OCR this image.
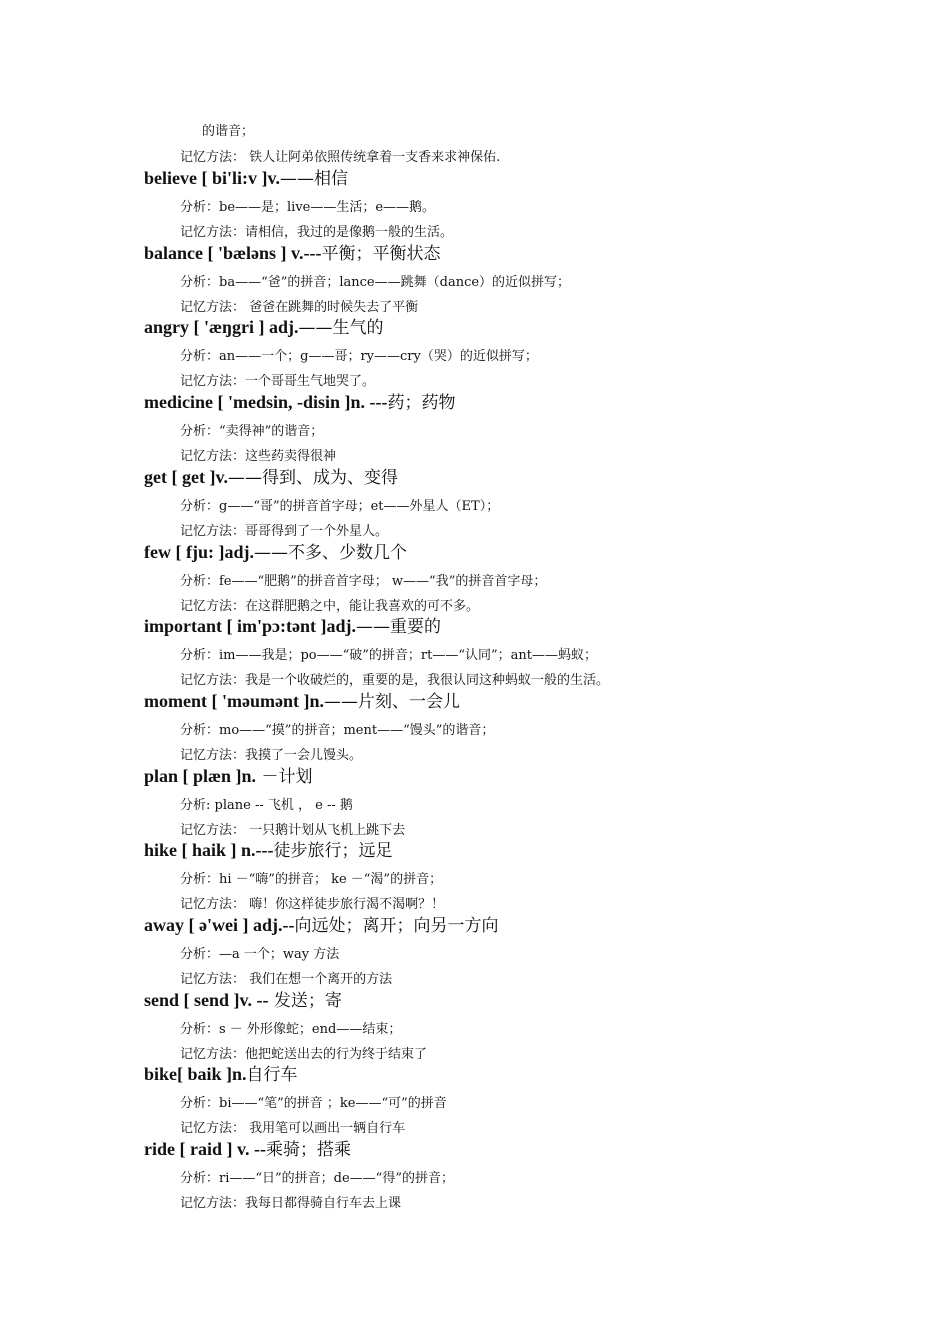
的谐音；
记忆方法： 铁人让阿弟依照传统拿着一支香来求神保佑.
believe [ bi'li:v ]v.——相信
分析：be——是；live——生活；e——鹅。
记忆方法：请相信，我过的是像鹅一般的生活。
balance [ 'bæləns ] v.---平衡；平衡状态
分析：ba——“爸”的拼音；lance——跳舞（dance）的近似拼写；
记忆方法： 爸爸在跳舞的时候失去了平衡
angry [ 'æŋgri ] adj.——生气的
分析：an——一个；g——哥；ry——cry（哭）的近似拼写；
记忆方法：一个哥哥生气地哭了。
medicine [ 'medsin, -disin ]n. ---药；药物
分析：“卖得神”的谐音；
记忆方法：这些药卖得很神
get [ get ]v.——得到、成为、变得
分析：g——“哥”的拼音首字母；et——外星人（ET）；
记忆方法：哥哥得到了一个外星人。
few [ fju: ]adj.——不多、少数几个
分析：fe——“肥鹅”的拼音首字母； w——“我”的拼音首字母；
记忆方法：在这群肥鹅之中，能让我喜欢的可不多。
important [ im'pɔ:tənt ]adj.——重要的
分析：im——我是；po——“破”的拼音；rt——“认同”；ant——蚂蚁；
记忆方法：我是一个收破烂的，重要的是，我很认同这种蚂蚁一般的生活。
moment [ 'məumənt ]n.——片刻、一会儿
分析：mo——“摸”的拼音；ment——“馒头”的谐音；
记忆方法：我摸了一会儿馒头。
plan [ plæn ]n. －计划
分析: plane -- 飞机 ， e -- 鹅
记忆方法： 一只鹅计划从飞机上跳下去
hike [ haik ] n.---徒步旅行；远足
分析：hi －“嗨”的拼音； ke －“渴”的拼音；
记忆方法： 嗨！你这样徒步旅行渴不渴啊？！
away [ ə'wei ] adj.--向远处；离开；向另一方向
分析：—a 一个；way 方法
记忆方法： 我们在想一个离开的方法
send [ send ]v. -- 发送；寄
分析：s － 外形像蛇；end——结束；
记忆方法：他把蛇送出去的行为终于结束了
bike[ baik ]n.自行车
分析：bi——“笔”的拼音 ；ke——“可”的拼音
记忆方法： 我用笔可以画出一辆自行车
ride [ raid ] v. --乘骑；搭乘
分析：ri——“日”的拼音；de——“得”的拼音；
记忆方法：我每日都得骑自行车去上课
